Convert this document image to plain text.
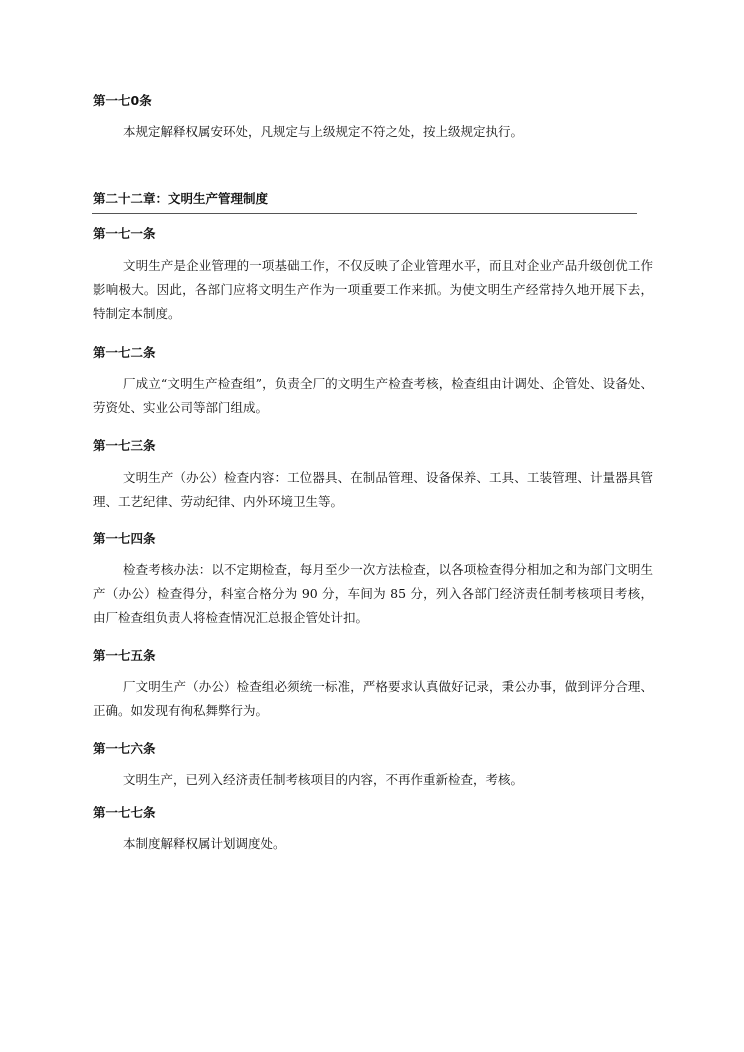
第一七0条
本规定解释权属安环处，凡规定与上级规定不符之处，按上级规定执行。
第二十二章：文明生产管理制度
第一七一条
文明生产是企业管理的一项基础工作，不仅反映了企业管理水平，而且对企业产品升级创优工作影响极大。因此，各部门应将文明生产作为一项重要工作来抓。为使文明生产经常持久地开展下去，特制定本制度。
第一七二条
厂成立“文明生产检查组”，负责全厂的文明生产检查考核，检查组由计调处、企管处、设备处、劳资处、实业公司等部门组成。
第一七三条
文明生产（办公）检查内容：工位器具、在制品管理、设备保养、工具、工装管理、计量器具管理、工艺纪律、劳动纪律、内外环境卫生等。
第一七四条
检查考核办法：以不定期检查，每月至少一次方法检查，以各项检查得分相加之和为部门文明生产（办公）检查得分，科室合格分为 90 分，车间为 85 分，列入各部门经济责任制考核项目考核，由厂检查组负责人将检查情况汇总报企管处计扣。
第一七五条
厂文明生产（办公）检查组必须统一标准，严格要求认真做好记录，秉公办事，做到评分合理、正确。如发现有徇私舞弊行为。
第一七六条
文明生产，已列入经济责任制考核项目的内容，不再作重新检查，考核。
第一七七条
本制度解释权属计划调度处。
